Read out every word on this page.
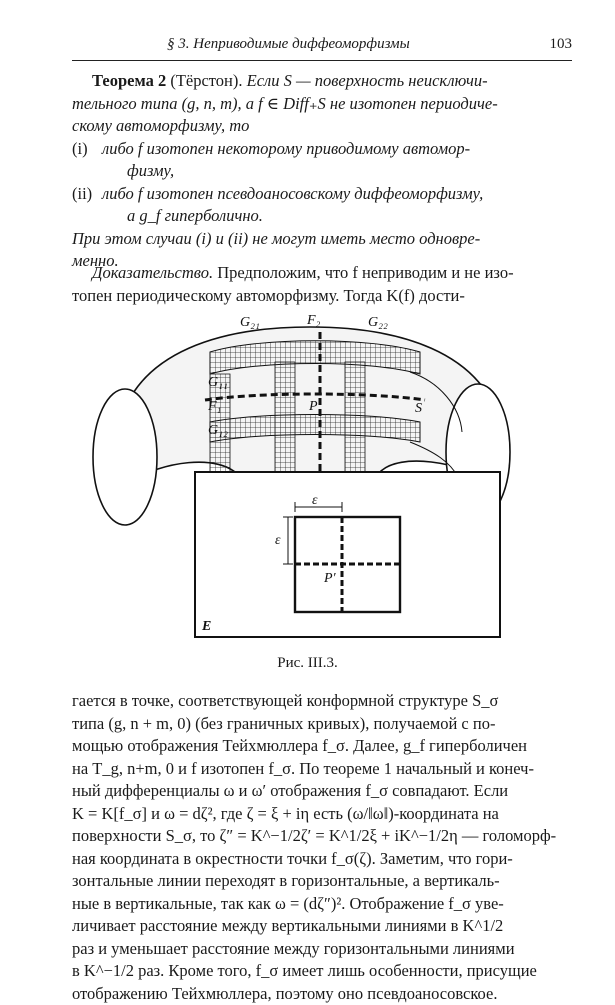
§ 3. Неприводимые диффеоморфизмы	103
Теорема 2 (Тёрстон). Если S — поверхность неисключи-
тельного типа (g, n, m), а f ∈ Diff₊S не изотопен периодиче-
скому автоморфизму, то
(i) либо f изотопен некоторому приводимому автомор-
физму,
(ii) либо f изотопен псевдоаносовскому диффеоморфизму,
а g_f гиперболично.
При этом случаи (i) и (ii) не могут иметь место одновре-
менно.
Доказательство. Предположим, что f неприводим и не изо-
топен периодическому автоморфизму. Тогда K(f) дости-
G₂₁	F₂	G₂₂
G₁₁
F₁	P
G₁₂
S
ε
ε
P′
E
Рис. III.3.
гается в точке, соответствующей конформной структуре S_σ
типа (g, n + m, 0) (без граничных кривых), получаемой с по-
мощью отображения Тейхмюллера f_σ. Далее, g_f гиперболичен
на T_g, n+m, 0 и f изотопен f_σ. По теореме 1 начальный и конеч-
ный дифференциалы ω и ω′ отображения f_σ совпадают. Если
K = K[f_σ] и ω = dζ², где ζ = ξ + iη есть (ω/‖ω‖)-координата на
поверхности S_σ, то ζ″ = K^−1/2ζ′ = K^1/2ξ + iK^−1/2η — голоморф-
ная координата в окрестности точки f_σ(ζ). Заметим, что гори-
зонтальные линии переходят в горизонтальные, а вертикаль-
ные в вертикальные, так как ω = (dζ″)². Отображение f_σ уве-
личивает расстояние между вертикальными линиями в K^1/2
раз и уменьшает расстояние между горизонтальными линиями
в K^−1/2 раз. Кроме того, f_σ имеет лишь особенности, присущие
отображению Тейхмюллера, поэтому оно псевдоаносовское.
